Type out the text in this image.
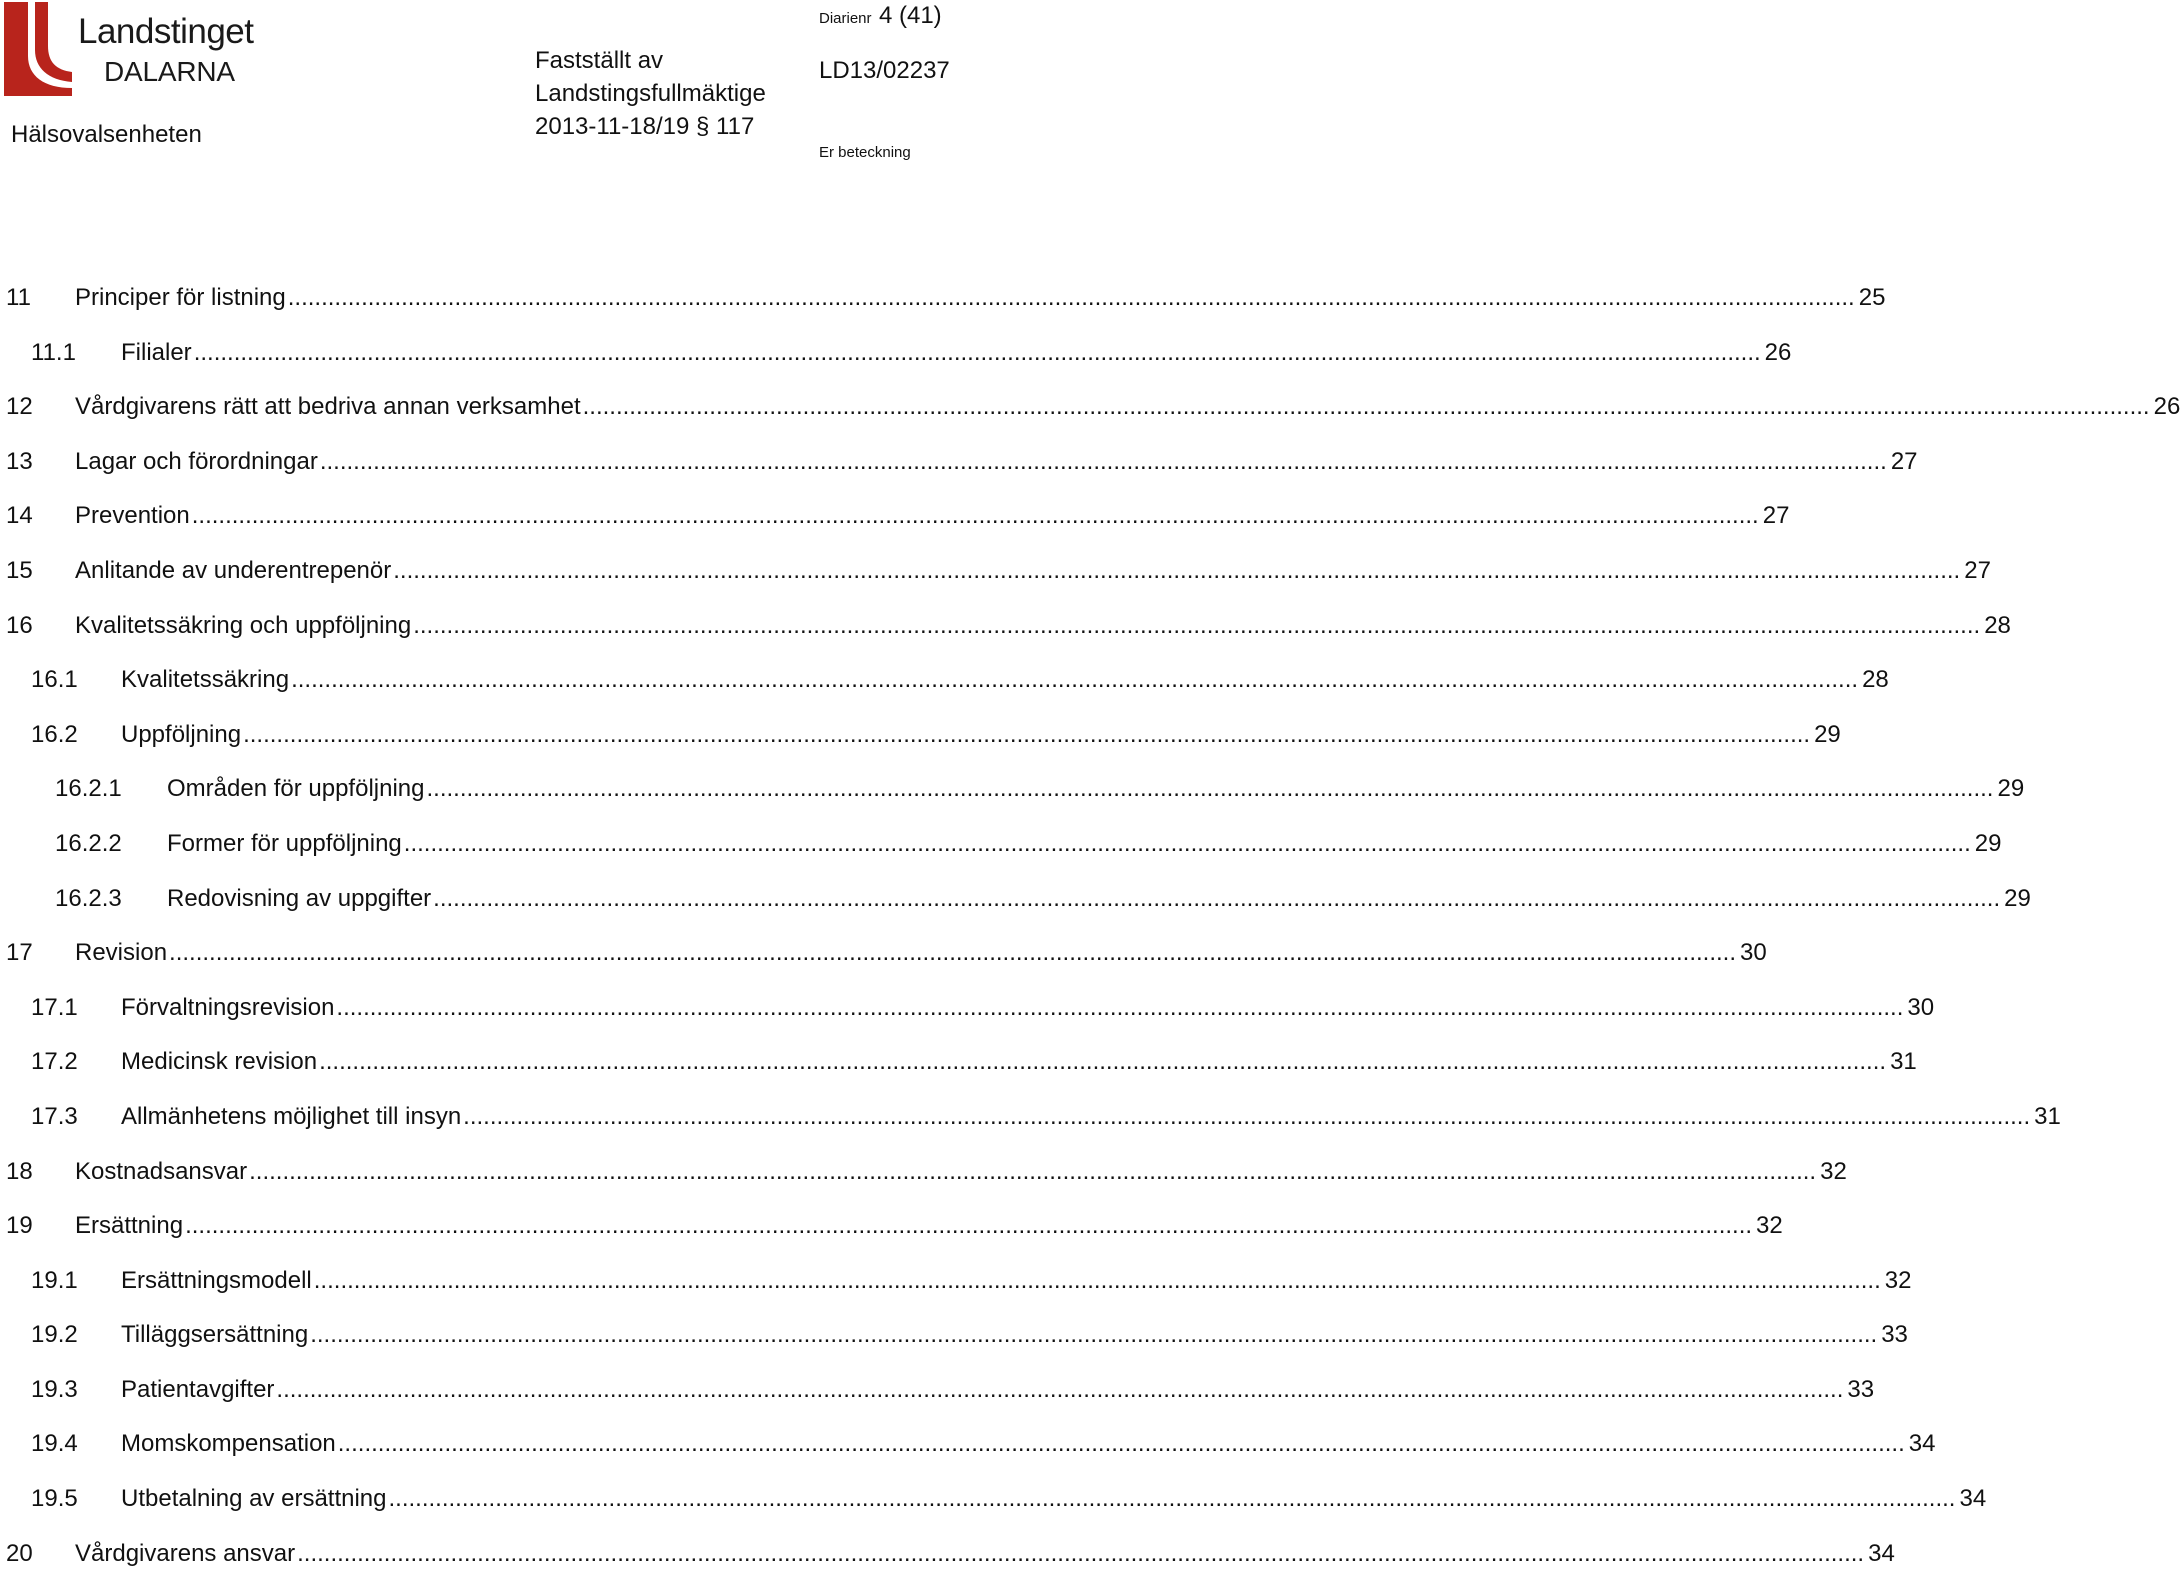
Landstinget
DALARNA
Hälsovalsenheten
Fastställt av
Landstingsfullmäktige
2013-11-18/19 § 117
Diarienr 4 (41)
LD13/02237
Er beteckning
11 Principer för listning ........................................................................................................................................................................................................................................... 25
11.1 Filialer ........................................................................................................................................................................................................................................... 26
12 Vårdgivarens rätt att bedriva annan verksamhet ........................................................................................................................................................................................................................................... 26
13 Lagar och förordningar ........................................................................................................................................................................................................................................... 27
14 Prevention ........................................................................................................................................................................................................................................... 27
15 Anlitande av underentrepenör ........................................................................................................................................................................................................................................... 27
16 Kvalitetssäkring och uppföljning ........................................................................................................................................................................................................................................... 28
16.1 Kvalitetssäkring ........................................................................................................................................................................................................................................... 28
16.2 Uppföljning ........................................................................................................................................................................................................................................... 29
16.2.1 Områden för uppföljning ........................................................................................................................................................................................................................................... 29
16.2.2 Former för uppföljning ........................................................................................................................................................................................................................................... 29
16.2.3 Redovisning av uppgifter ........................................................................................................................................................................................................................................... 29
17 Revision ........................................................................................................................................................................................................................................... 30
17.1 Förvaltningsrevision ........................................................................................................................................................................................................................................... 30
17.2 Medicinsk revision ........................................................................................................................................................................................................................................... 31
17.3 Allmänhetens möjlighet till insyn ........................................................................................................................................................................................................................................... 31
18 Kostnadsansvar ........................................................................................................................................................................................................................................... 32
19 Ersättning ........................................................................................................................................................................................................................................... 32
19.1 Ersättningsmodell ........................................................................................................................................................................................................................................... 32
19.2 Tilläggsersättning ........................................................................................................................................................................................................................................... 33
19.3 Patientavgifter ........................................................................................................................................................................................................................................... 33
19.4 Momskompensation ........................................................................................................................................................................................................................................... 34
19.5 Utbetalning av ersättning ........................................................................................................................................................................................................................................... 34
20 Vårdgivarens ansvar ........................................................................................................................................................................................................................................... 34
